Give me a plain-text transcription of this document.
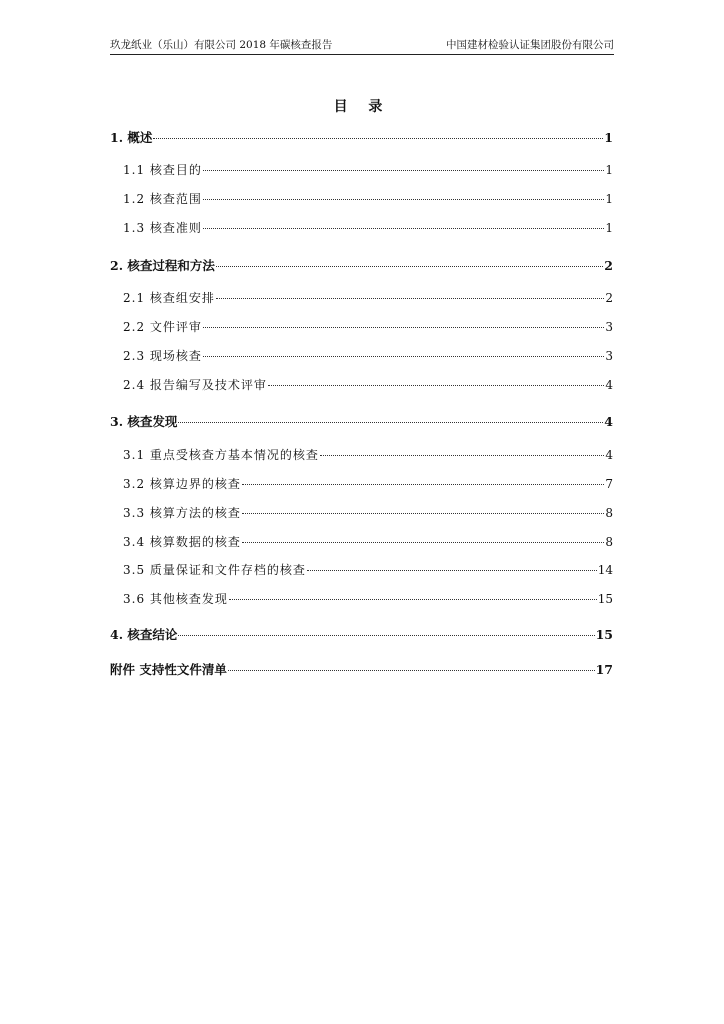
玖龙纸业（乐山）有限公司 2018 年碳核查报告	中国建材检验认证集团股份有限公司
目 录
1. 概述	1
1.1 核查目的	1
1.2 核查范围	1
1.3 核查准则	1
2. 核查过程和方法	2
2.1 核查组安排	2
2.2 文件评审	3
2.3 现场核查	3
2.4 报告编写及技术评审	4
3. 核查发现	4
3.1 重点受核查方基本情况的核查	4
3.2 核算边界的核查	7
3.3 核算方法的核查	8
3.4 核算数据的核查	8
3.5 质量保证和文件存档的核查	14
3.6 其他核查发现	15
4. 核查结论	15
附件 支持性文件清单	17
